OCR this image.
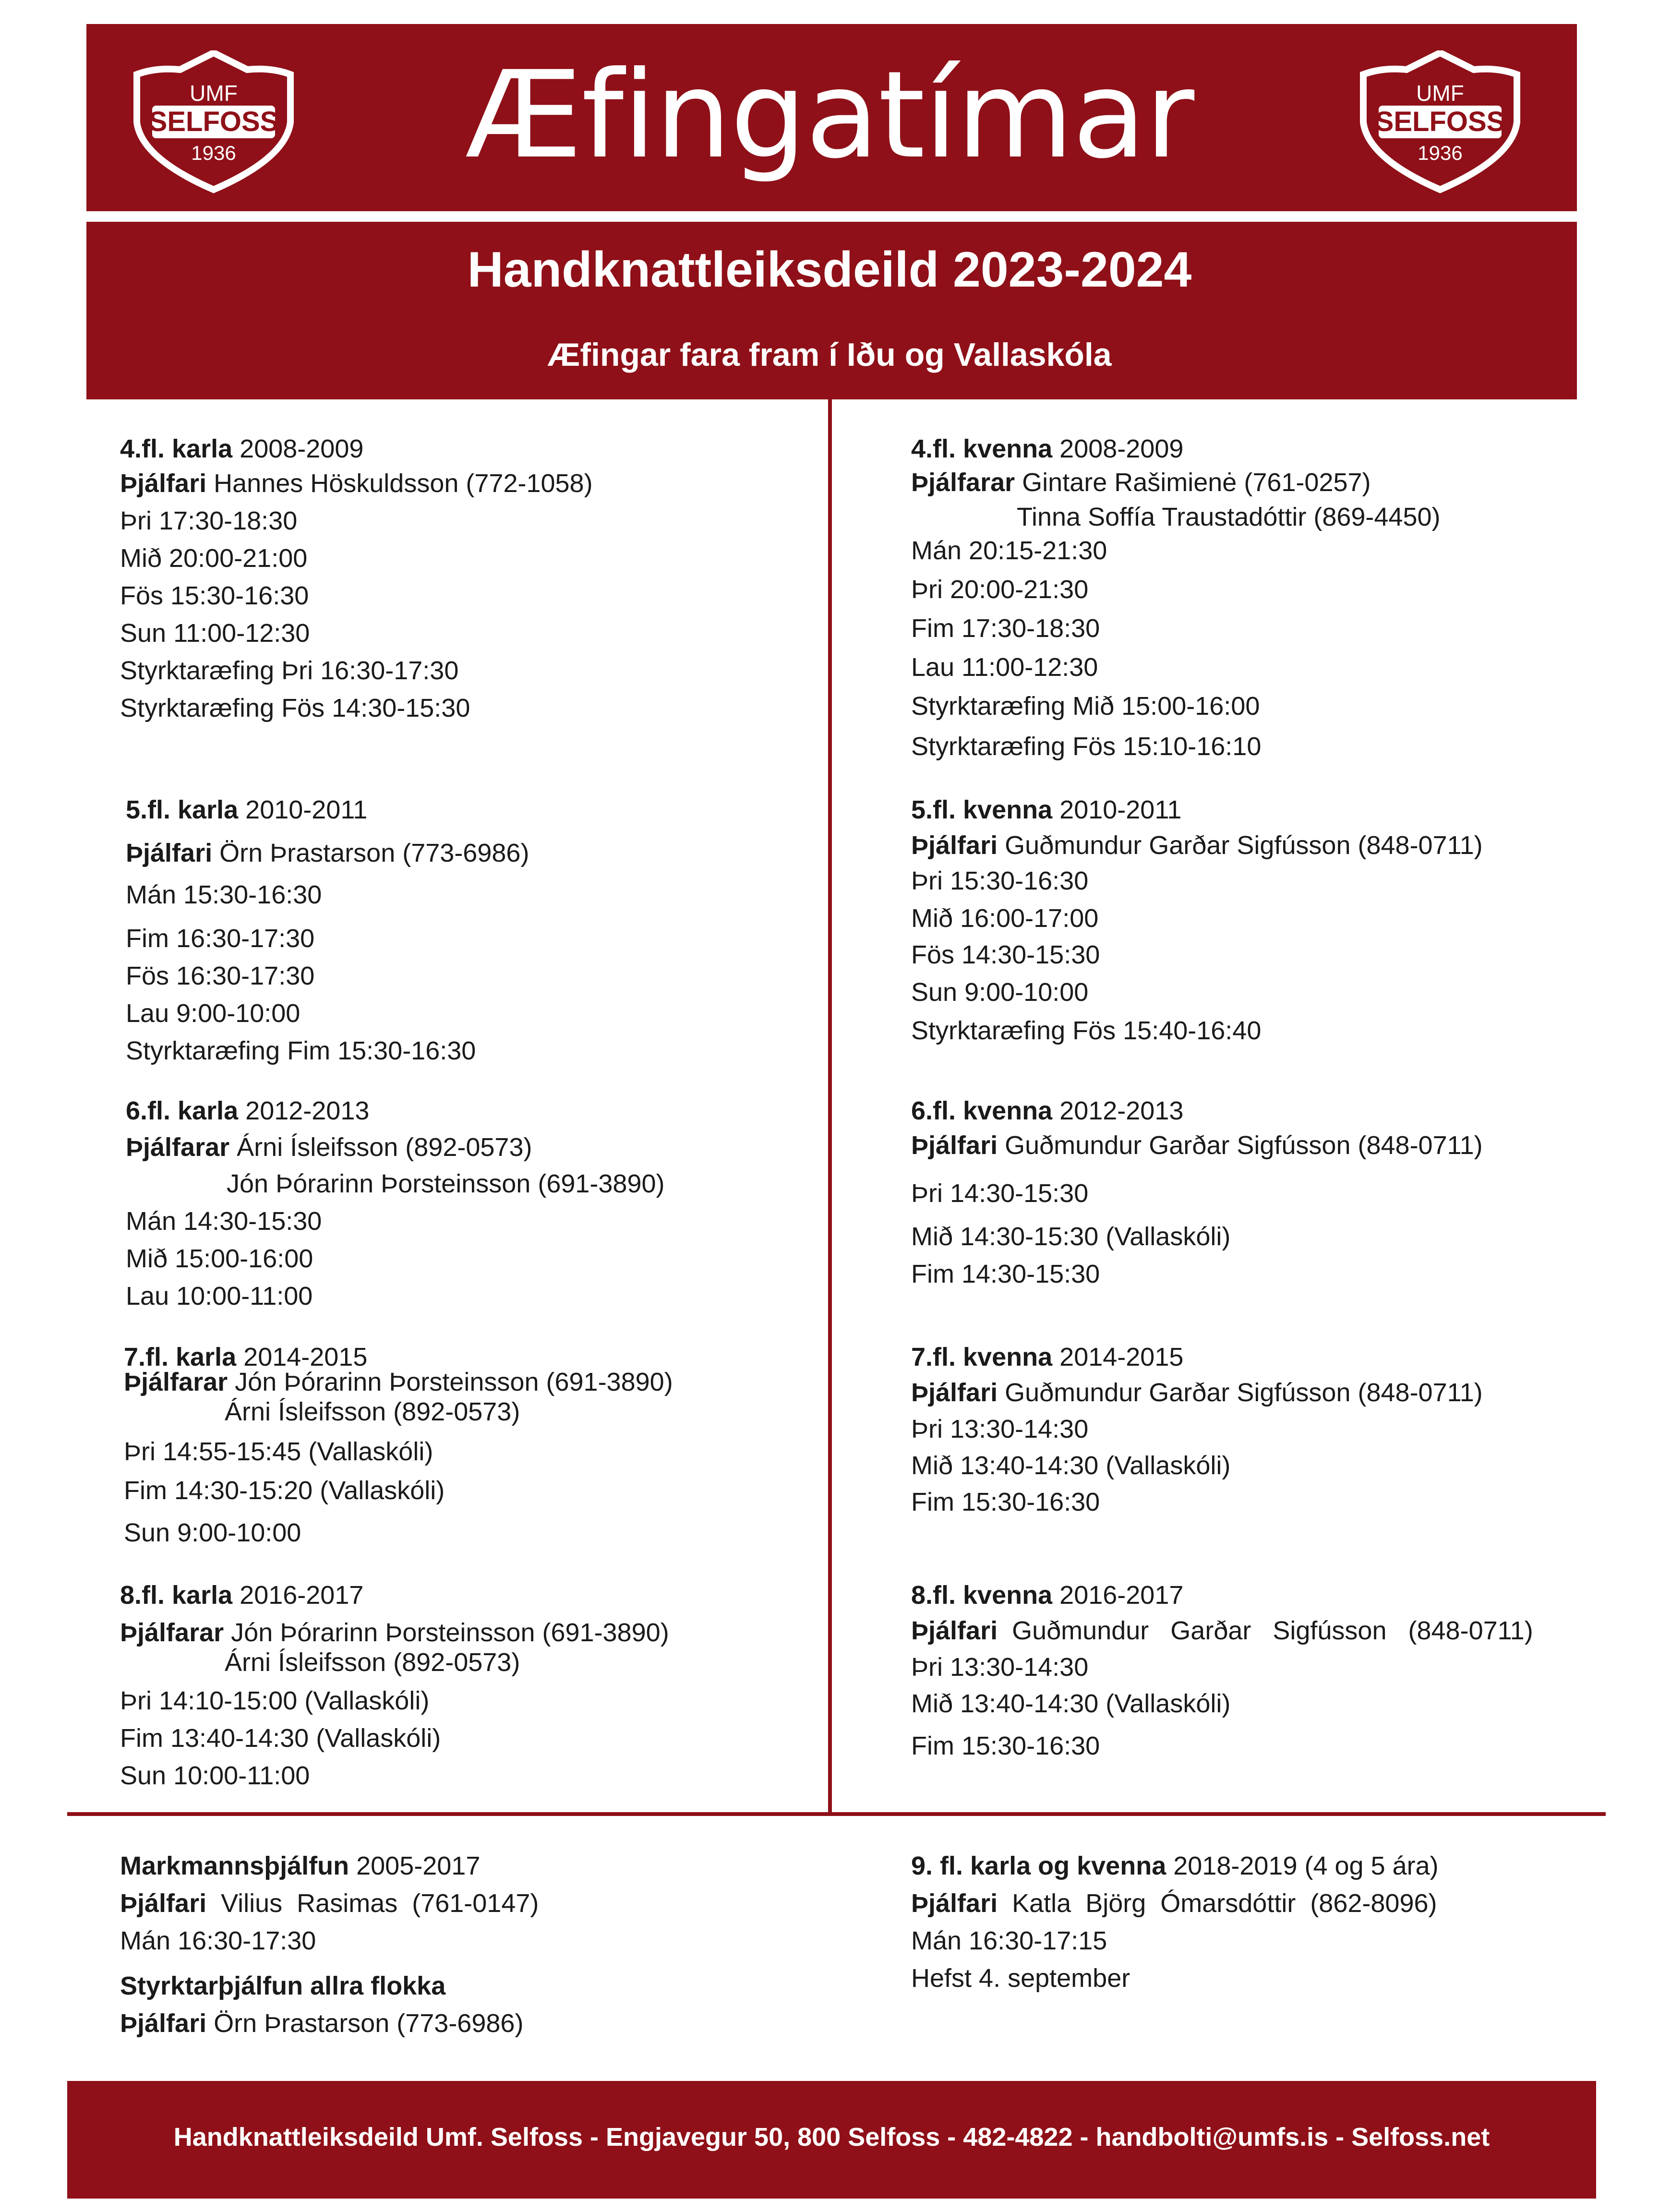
UMF
SELFOSS
1936
UMF
SELFOSS
1936
Æfingatímar
Handknattleiksdeild 2023-2024
Æfingar fara fram í Iðu og Vallaskóla
4.fl. karla 2008-2009
Þjálfari Hannes Höskuldsson (772-1058)
Þri 17:30-18:30
Mið 20:00-21:00
Fös 15:30-16:30
Sun 11:00-12:30
Styrktaræfing Þri 16:30-17:30
Styrktaræfing Fös 14:30-15:30
5.fl. karla 2010-2011
Þjálfari Örn Þrastarson (773-6986)
Mán 15:30-16:30
Fim 16:30-17:30
Fös 16:30-17:30
Lau 9:00-10:00
Styrktaræfing Fim 15:30-16:30
6.fl. karla 2012-2013
Þjálfarar Árni Ísleifsson (892-0573)
Jón Þórarinn Þorsteinsson (691-3890)
Mán 14:30-15:30
Mið 15:00-16:00
Lau 10:00-11:00
7.fl. karla 2014-2015
Þjálfarar Jón Þórarinn Þorsteinsson (691-3890)
Árni Ísleifsson (892-0573)
Þri 14:55-15:45 (Vallaskóli)
Fim 14:30-15:20 (Vallaskóli)
Sun 9:00-10:00
8.fl. karla 2016-2017
Þjálfarar Jón Þórarinn Þorsteinsson (691-3890)
Árni Ísleifsson (892-0573)
Þri 14:10-15:00 (Vallaskóli)
Fim 13:40-14:30 (Vallaskóli)
Sun 10:00-11:00
4.fl. kvenna 2008-2009
Þjálfarar Gintare Rašimienė (761-0257)
Tinna Soffía Traustadóttir (869-4450)
Mán 20:15-21:30
Þri 20:00-21:30
Fim 17:30-18:30
Lau 11:00-12:30
Styrktaræfing Mið 15:00-16:00
Styrktaræfing Fös 15:10-16:10
5.fl. kvenna 2010-2011
Þjálfari Guðmundur Garðar Sigfússon (848-0711)
Þri 15:30-16:30
Mið 16:00-17:00
Fös 14:30-15:30
Sun 9:00-10:00
Styrktaræfing Fös 15:40-16:40
6.fl. kvenna 2012-2013
Þjálfari Guðmundur Garðar Sigfússon (848-0711)
Þri 14:30-15:30
Mið 14:30-15:30 (Vallaskóli)
Fim 14:30-15:30
7.fl. kvenna 2014-2015
Þjálfari Guðmundur Garðar Sigfússon (848-0711)
Þri 13:30-14:30
Mið 13:40-14:30 (Vallaskóli)
Fim 15:30-16:30
8.fl. kvenna 2016-2017
Þjálfari Guðmundur   Garðar   Sigfússon   (848-0711)
Þri 13:30-14:30
Mið 13:40-14:30 (Vallaskóli)
Fim 15:30-16:30
Markmannsþjálfun 2005-2017
Þjálfari Vilius  Rasimas  (761-0147)
Mán 16:30-17:30
Styrktarþjálfun allra flokka
Þjálfari Örn Þrastarson (773-6986)
9. fl. karla og kvenna 2018-2019 (4 og 5 ára)
Þjálfari Katla  Björg  Ómarsdóttir  (862-8096)
Mán 16:30-17:15
Hefst 4. september
Handknattleiksdeild Umf. Selfoss - Engjavegur 50, 800 Selfoss - 482-4822 - handbolti@umfs.is - Selfoss.net
